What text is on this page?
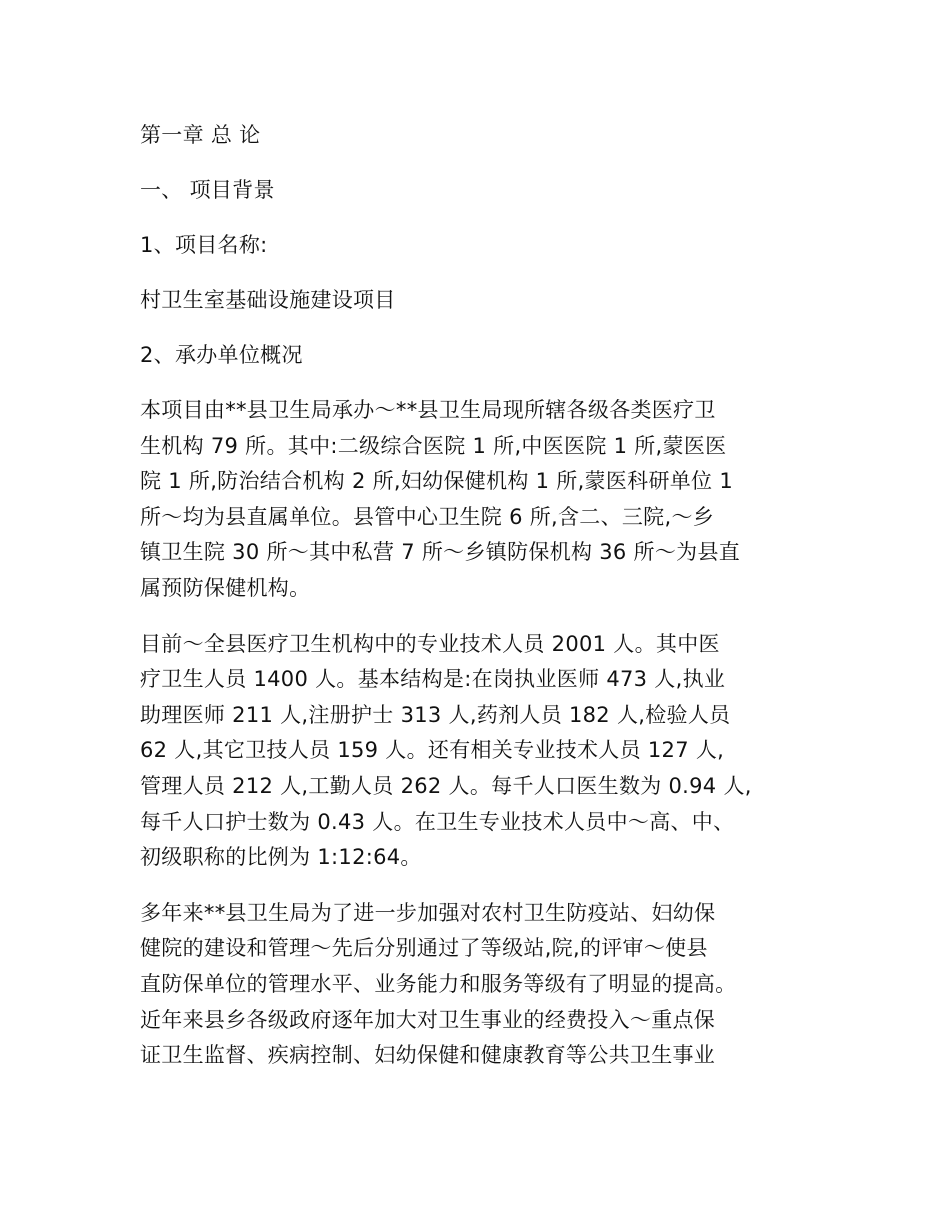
第一章 总 论
一、 项目背景
1、项目名称:
村卫生室基础设施建设项目
2、承办单位概况
本项目由**县卫生局承办～**县卫生局现所辖各级各类医疗卫
生机构 79 所。其中:二级综合医院 1 所,中医医院 1 所,蒙医医
院 1 所,防治结合机构 2 所,妇幼保健机构 1 所,蒙医科研单位 1
所～均为县直属单位。县管中心卫生院 6 所,含二、三院,～乡
镇卫生院 30 所～其中私营 7 所～乡镇防保机构 36 所～为县直
属预防保健机构。
目前～全县医疗卫生机构中的专业技术人员 2001 人。其中医
疗卫生人员 1400 人。基本结构是:在岗执业医师 473 人,执业
助理医师 211 人,注册护士 313 人,药剂人员 182 人,检验人员
62 人,其它卫技人员 159 人。还有相关专业技术人员 127 人,
管理人员 212 人,工勤人员 262 人。每千人口医生数为 0.94 人,
每千人口护士数为 0.43 人。在卫生专业技术人员中～高、中、
初级职称的比例为 1:12:64。
多年来**县卫生局为了进一步加强对农村卫生防疫站、妇幼保
健院的建设和管理～先后分别通过了等级站,院,的评审～使县
直防保单位的管理水平、业务能力和服务等级有了明显的提高。
近年来县乡各级政府逐年加大对卫生事业的经费投入～重点保
证卫生监督、疾病控制、妇幼保健和健康教育等公共卫生事业
